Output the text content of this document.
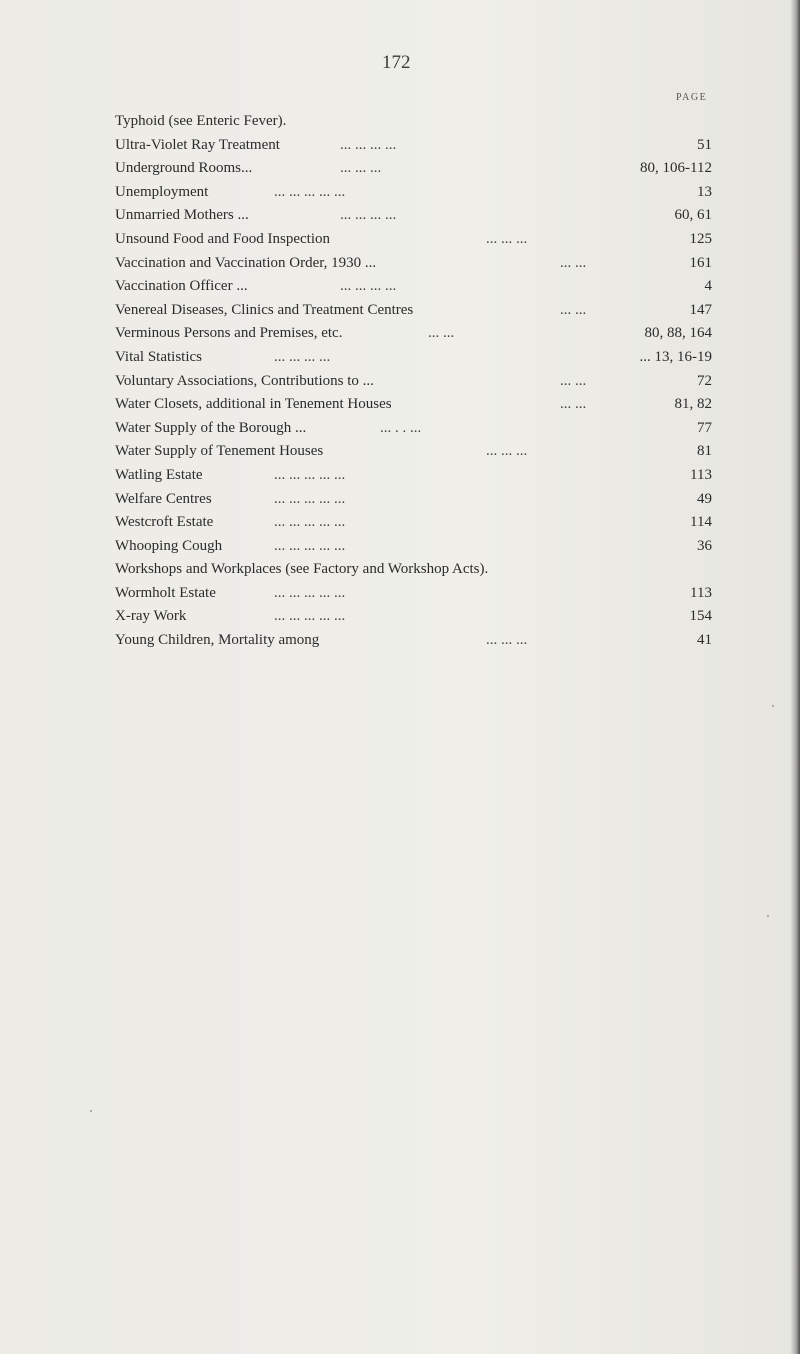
172
PAGE
Typhoid (see Enteric Fever).
Ultra-Violet Ray Treatment	... ... ... ...	51
Underground Rooms...	... ... ...	80, 106-112
Unemployment	... ... ... ... ...	13
Unmarried Mothers ...	... ... ... ...	60, 61
Unsound Food and Food Inspection	... ... ...	125
Vaccination and Vaccination Order, 1930 ...	... ...	161
Vaccination Officer ...	... ... ... ...	4
Venereal Diseases, Clinics and Treatment Centres	... ...	147
Verminous Persons and Premises, etc.	... ...	80, 88, 164
Vital Statistics	... ... ... ...	... 13, 16-19
Voluntary Associations, Contributions to ...	... ...	72
Water Closets, additional in Tenement Houses	... ...	81, 82
Water Supply of the Borough ...	... . . ...	77
Water Supply of Tenement Houses	... ... ...	81
Watling Estate	... ... ... ... ...	113
Welfare Centres	... ... ... ... ...	49
Westcroft Estate	... ... ... ... ...	114
Whooping Cough	... ... ... ... ...	36
Workshops and Workplaces (see Factory and Workshop Acts).
Wormholt Estate	... ... ... ... ...	113
X-ray Work	... ... ... ... ...	154
Young Children, Mortality among	... ... ...	41
